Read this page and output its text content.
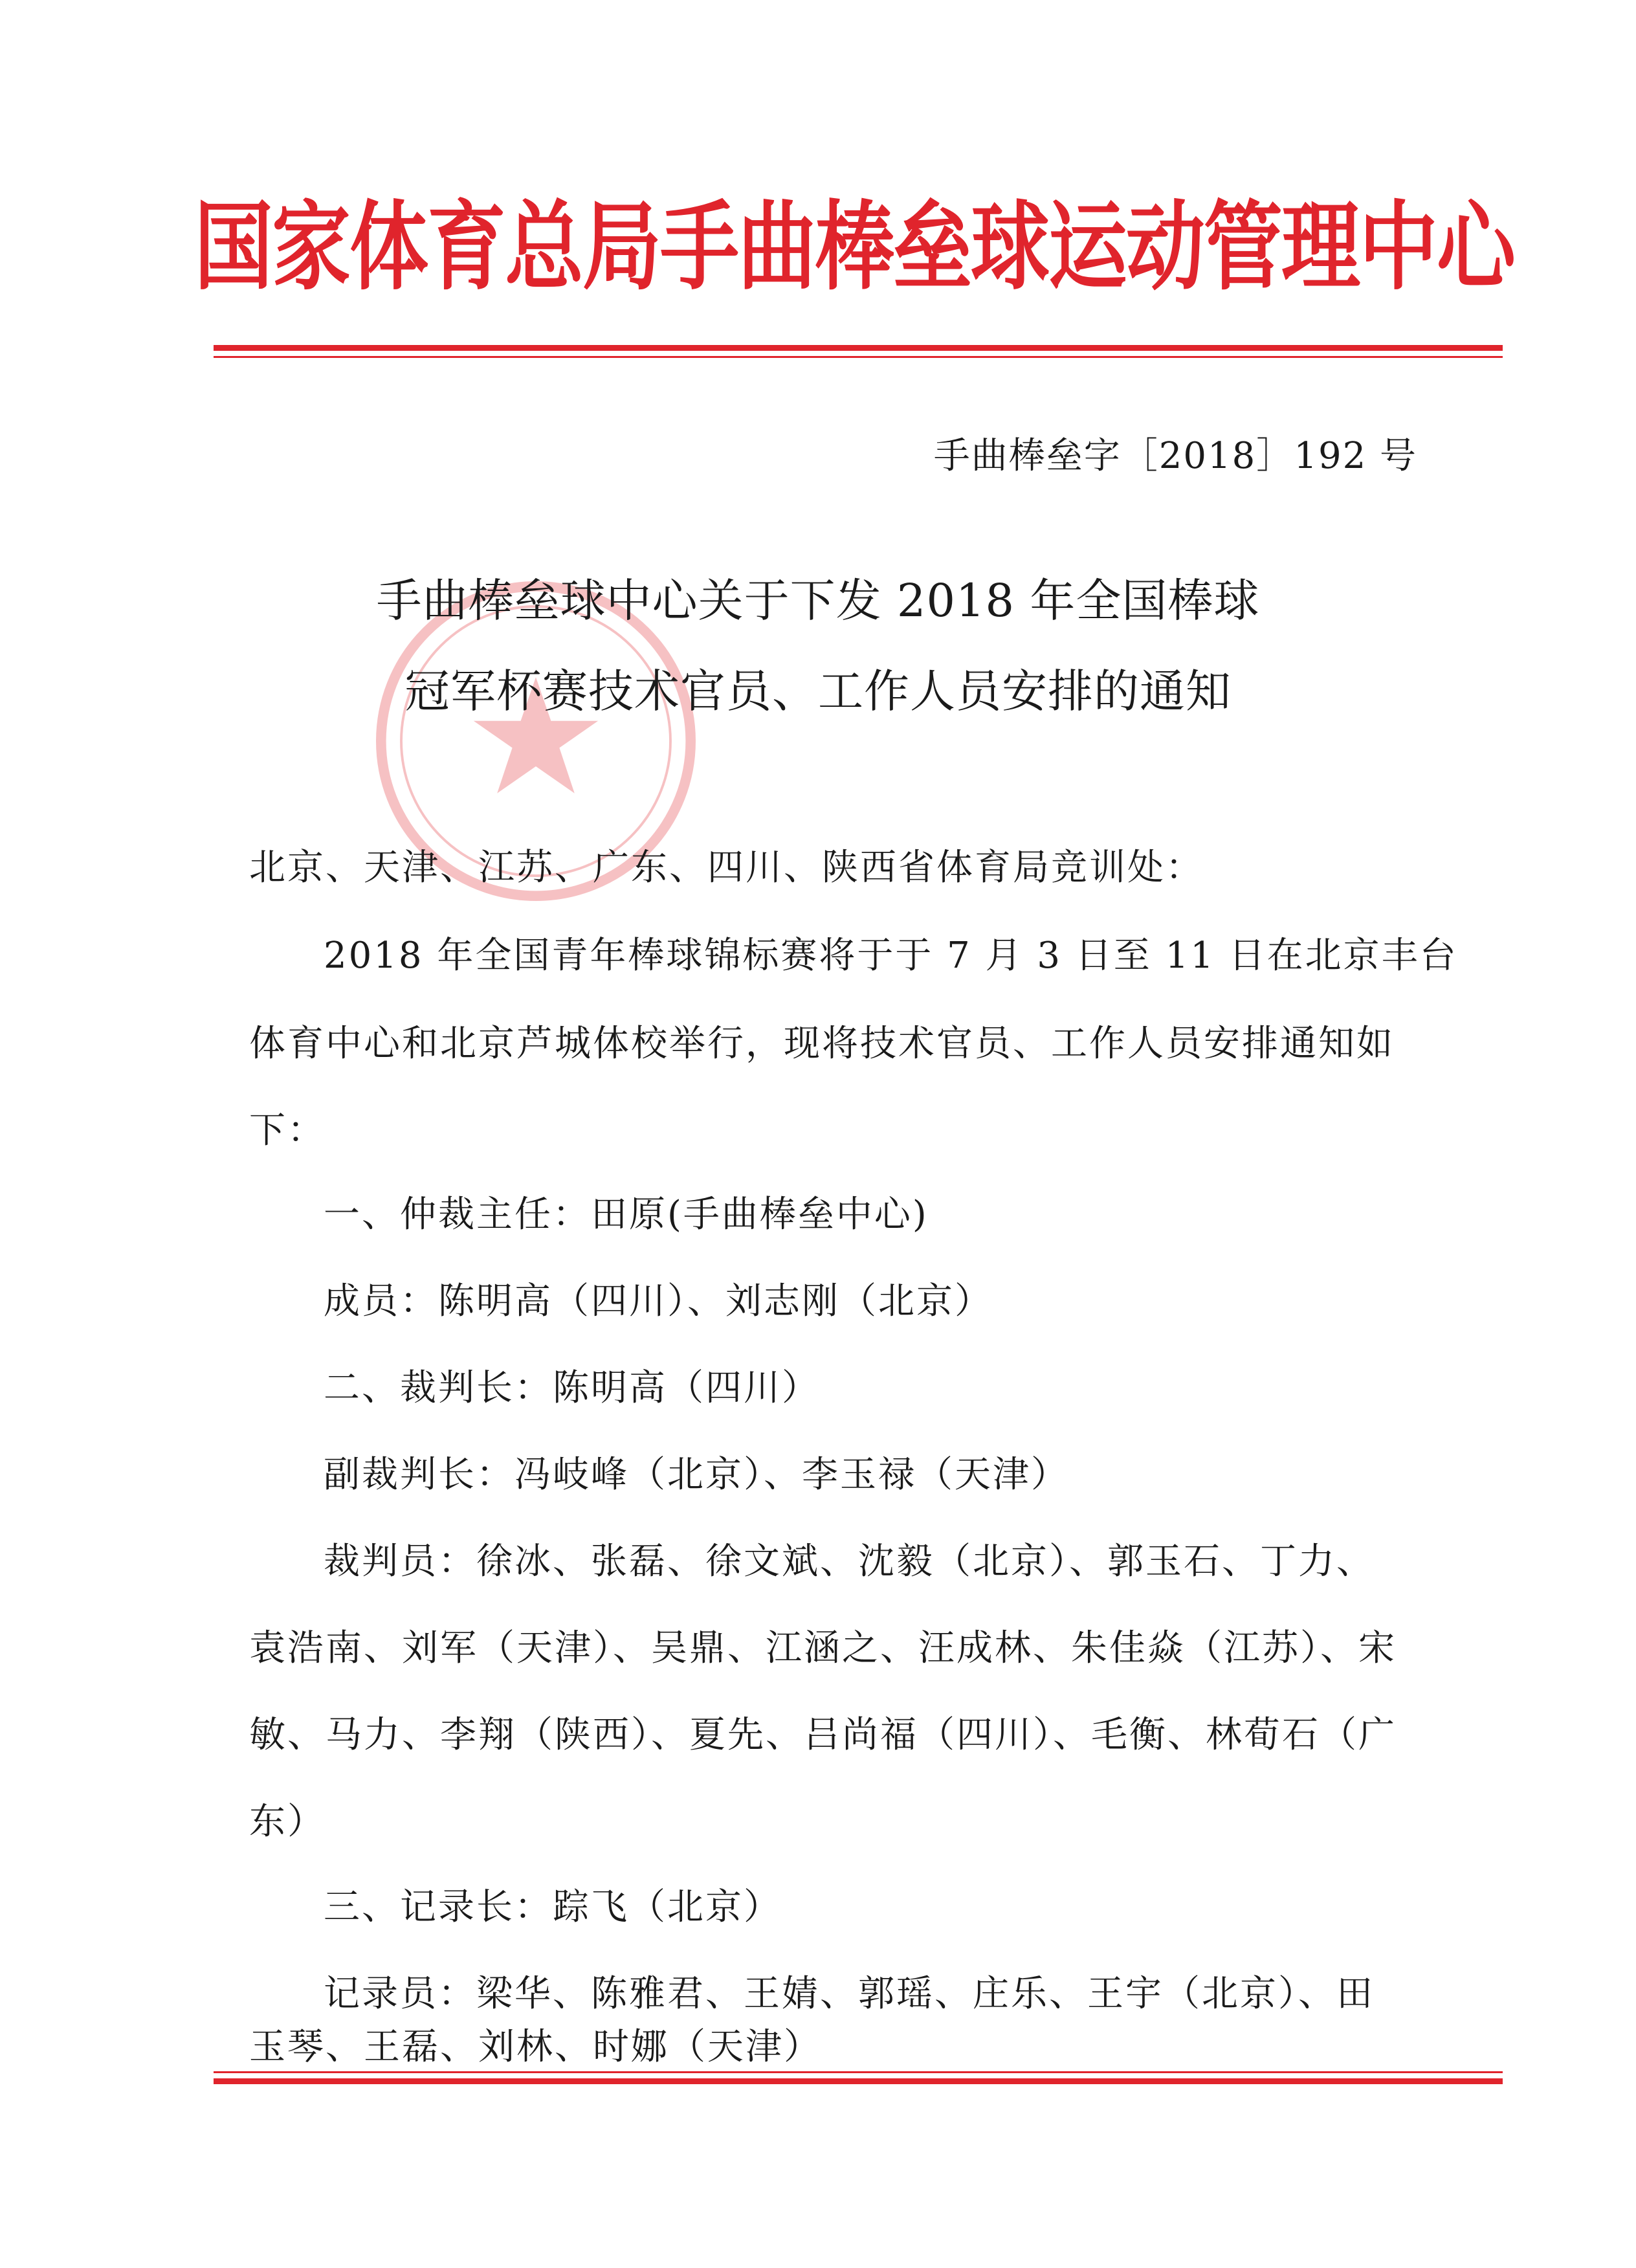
国家体育总局手曲棒垒球运动管理中心
手曲棒垒字［2018］192 号
手曲棒垒球中心关于下发 2018 年全国棒球
冠军杯赛技术官员、工作人员安排的通知
北京、天津、江苏、广东、四川、陕西省体育局竞训处：
2018 年全国青年棒球锦标赛将于于 7 月 3 日至 11 日在北京丰台
体育中心和北京芦城体校举行，现将技术官员、工作人员安排通知如
下：
一、仲裁主任：田原(手曲棒垒中心)
成员：陈明高（四川）、刘志刚（北京）
二、裁判长：陈明高（四川）
副裁判长：冯岐峰（北京）、李玉禄（天津）
裁判员：徐冰、张磊、徐文斌、沈毅（北京）、郭玉石、丁力、
袁浩南、刘军（天津）、吴鼎、江涵之、汪成林、朱佳焱（江苏）、宋
敏、马力、李翔（陕西）、夏先、吕尚福（四川）、毛衡、林荀石（广
东）
三、记录长：踪飞（北京）
记录员：梁华、陈雅君、王婧、郭瑶、庄乐、王宇（北京）、田
玉琴、王磊、刘林、时娜（天津）
